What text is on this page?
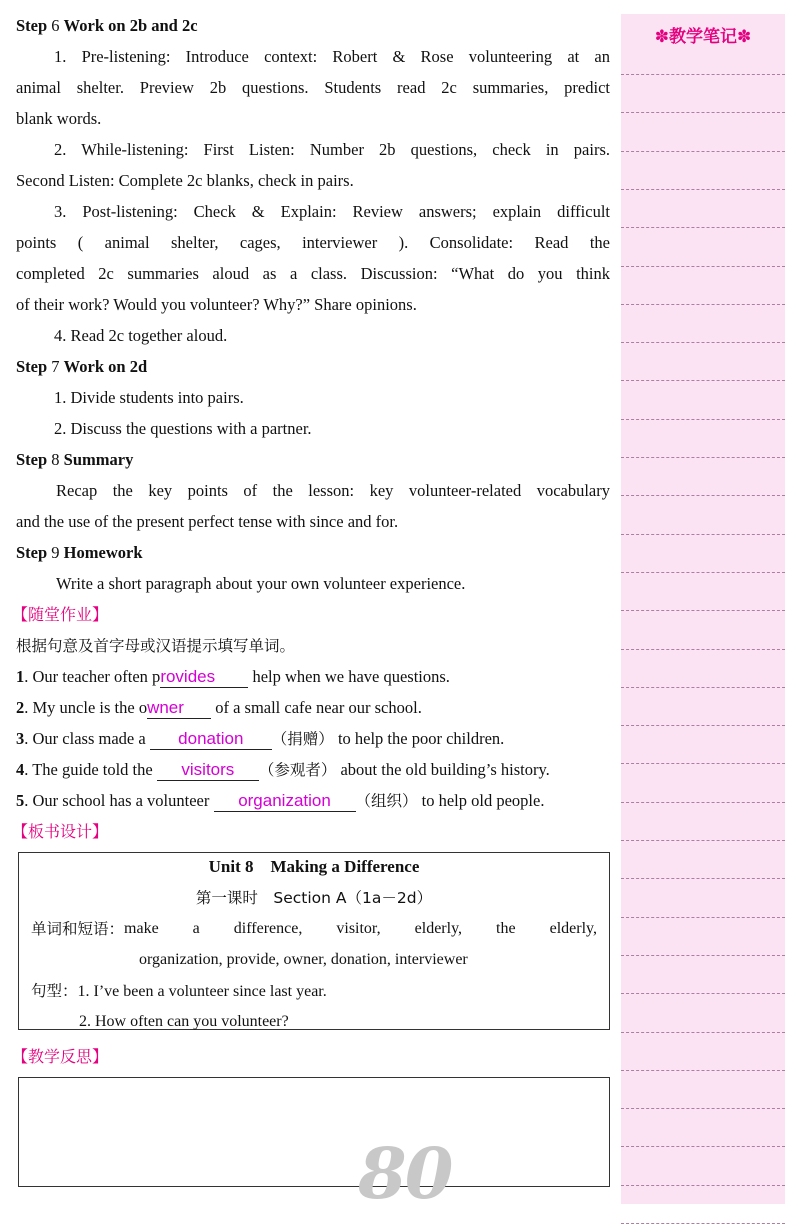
Step 6 Work on 2b and 2c
1. Pre-listening: Introduce context: Robert & Rose volunteering at an
animal shelter. Preview 2b questions. Students read 2c summaries, predict
blank words.
2. While-listening: First Listen: Number 2b questions, check in pairs.
Second Listen: Complete 2c blanks, check in pairs.
3. Post-listening: Check & Explain: Review answers; explain difficult
points ( animal shelter, cages, interviewer ). Consolidate: Read the
completed 2c summaries aloud as a class. Discussion: “What do you think
of their work? Would you volunteer? Why?” Share opinions.
4. Read 2c together aloud.
Step 7 Work on 2d
1. Divide students into pairs.
2. Discuss the questions with a partner.
Step 8 Summary
Recap the key points of the lesson: key volunteer-related vocabulary
and the use of the present perfect tense with since and for.
Step 9 Homework
Write a short paragraph about your own volunteer experience.
【随堂作业】
根据句意及首字母或汉语提示填写单词。
1. Our teacher often provides help when we have questions.
2. My uncle is the owner of a small cafe near our school.
3. Our class made a donation （捐赠） to help the poor children.
4. The guide told the visitors （参观者） about the old building’s history.
5. Our school has a volunteer organization （组织） to help old people.
【板书设计】
【教学反思】
Unit 8　Making a Difference
第一课时　Section A（1a－2d）
单词和短语： make a difference, visitor, elderly, the elderly,
organization, provide, owner, donation, interviewer
句型：1. I’ve been a volunteer since last year.
2. How often can you volunteer?
80
✽教学笔记✽
